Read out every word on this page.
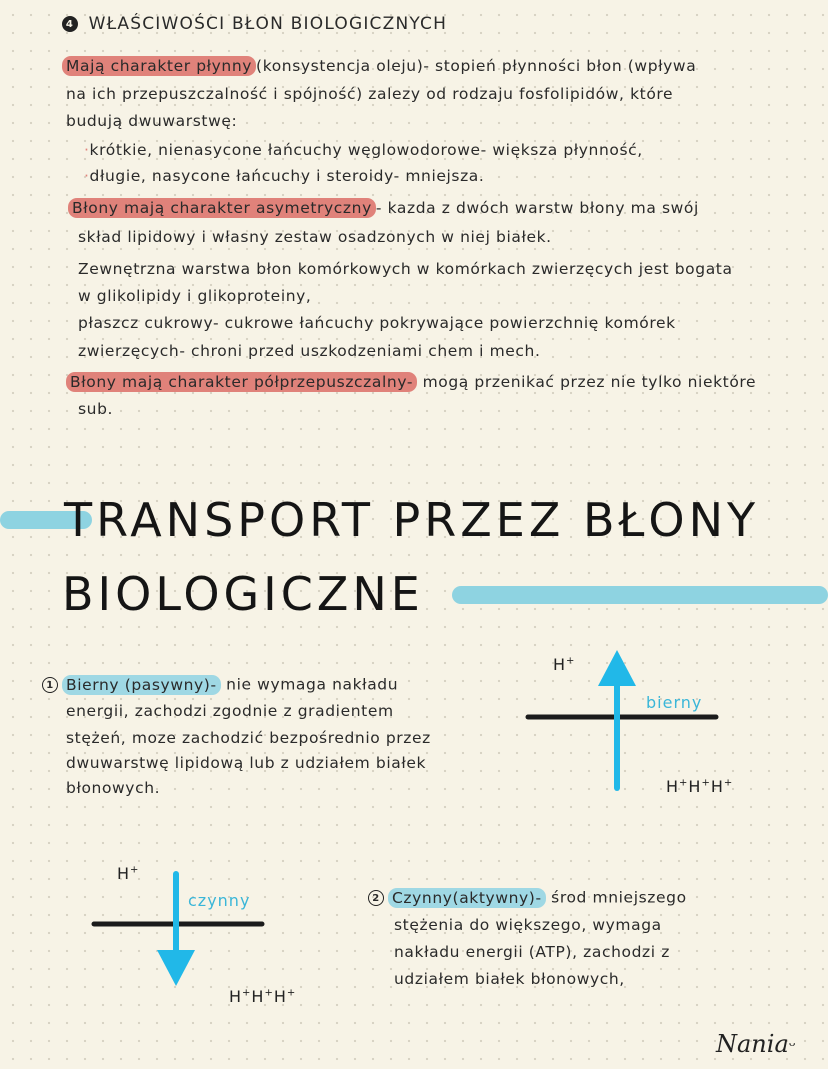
4 WŁAŚCIWOŚCI BŁON BIOLOGICZNYCH
Mają charakter płynny (konsystencja oleju)- stopień płynności błon (wpływa
na ich przepuszczalność i spójność) zalezy od rodzaju fosfolipidów, które
budują dwuwarstwę:
·krótkie, nienasycone łańcuchy węglowodorowe- większa płynność,
·długie, nasycone łańcuchy i steroidy- mniejsza.
Błony mają charakter asymetryczny - kazda z dwóch warstw błony ma swój
skład lipidowy i własny zestaw osadzonych w niej białek.
Zewnętrzna warstwa błon komórkowych w komórkach zwierzęcych jest bogata
w glikolipidy i glikoproteiny,
płaszcz cukrowy- cukrowe łańcuchy pokrywające powierzchnię komórek
zwierzęcych- chroni przed uszkodzeniami chem i mech.
Błony mają charakter półprzepuszczalny- mogą przenikać przez nie tylko niektóre
sub.
TRANSPORT PRZEZ BŁONY
BIOLOGICZNE
1 Bierny (pasywny)- nie wymaga nakładu
energii, zachodzi zgodnie z gradientem
stężeń, moze zachodzić bezpośrednio przez
dwuwarstwę lipidową lub z udziałem białek
błonowych.
H+
bierny
H+H+H+
H+
czynny
H+H+H+
2 Czynny(aktywny)- środ mniejszego
stężenia do większego, wymaga
nakładu energii (ATP), zachodzi z
udziałem białek błonowych,
Naniaᵕ
